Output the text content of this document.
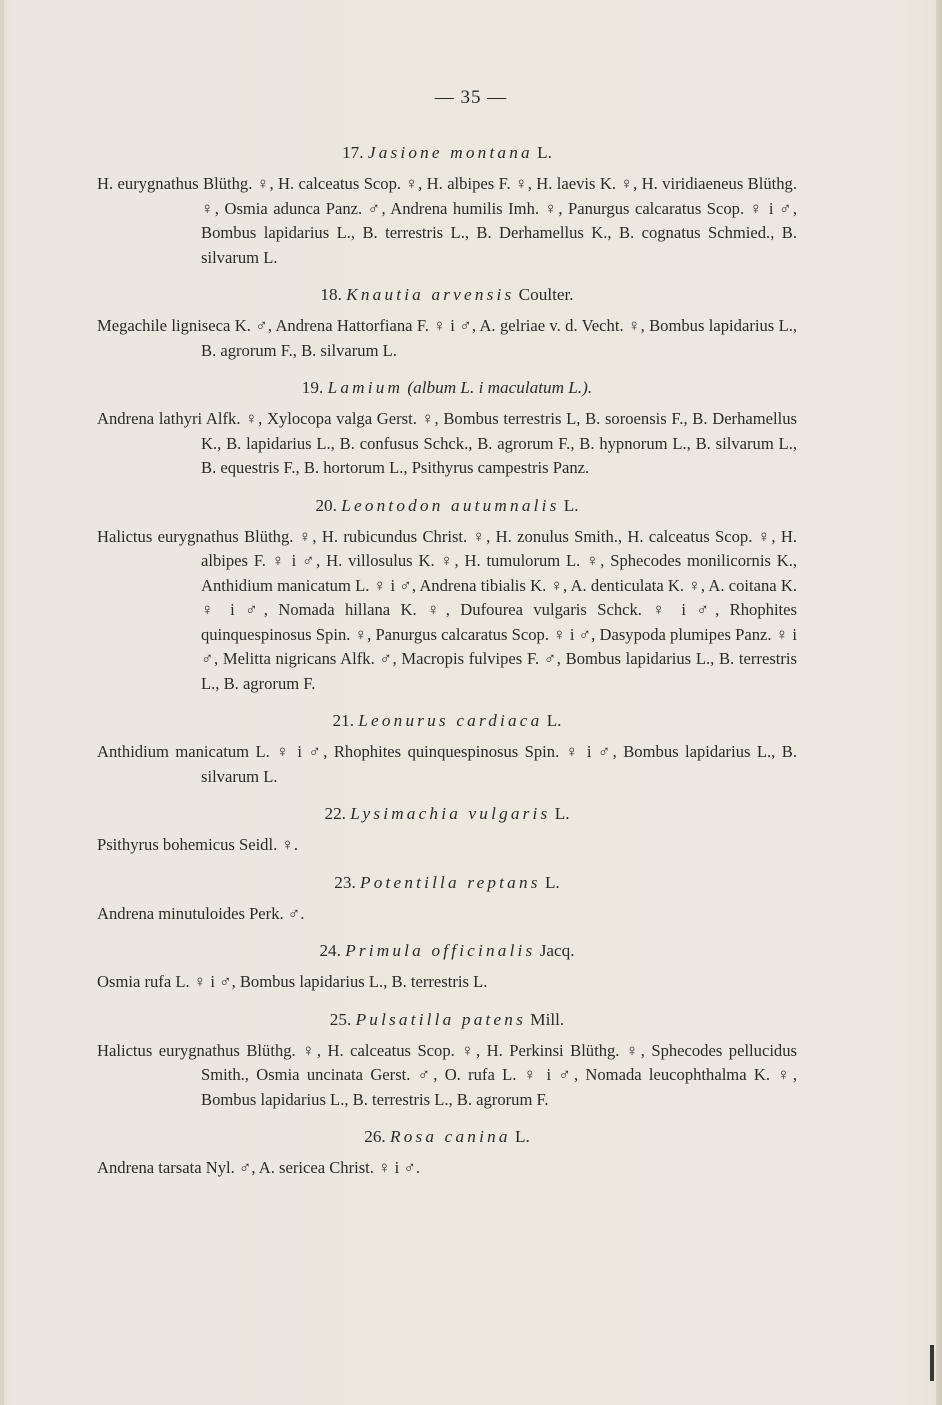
— 35 —
17. Jasione montana L.

H. eurygnathus Blüthg. ♀, H. calceatus Scop. ♀, H. albipes F. ♀, H. laevis K. ♀, H. viridiaeneus Blüthg. ♀, Osmia adunca Panz. ♂, Andrena humilis Imh. ♀, Panurgus calcaratus Scop. ♀ i ♂, Bombus lapidarius L., B. terrestris L., B. Derhamellus K., B. cognatus Schmied., B. silvarum L.

18. Knautia arvensis Coulter.

Megachile ligniseca K. ♂, Andrena Hattorfiana F. ♀ i ♂, A. gelriae v. d. Vecht. ♀, Bombus lapidarius L., B. agrorum F., B. silvarum L.

19. Lamium (album L. i maculatum L.).

Andrena lathyri Alfk. ♀, Xylocopa valga Gerst. ♀, Bombus terrestris L, B. soroensis F., B. Derhamellus K., B. lapidarius L., B. confusus Schck., B. agrorum F., B. hypnorum L., B. silvarum L., B. equestris F., B. hortorum L., Psithyrus campestris Panz.

20. Leontodon autumnalis L.

Halictus eurygnathus Blüthg. ♀, H. rubicundus Christ. ♀, H. zonulus Smith., H. calceatus Scop. ♀, H. albipes F. ♀ i ♂, H. villosulus K. ♀, H. tumulorum L. ♀, Sphecodes monilicornis K., Anthidium manicatum L. ♀ i ♂, Andrena tibialis K. ♀, A. denticulata K. ♀, A. coitana K. ♀ i ♂, Nomada hillana K. ♀, Dufourea vulgaris Schck. ♀ i ♂, Rhophites quinquespinosus Spin. ♀, Panurgus calcaratus Scop. ♀ i ♂, Dasypoda plumipes Panz. ♀ i ♂, Melitta nigricans Alfk. ♂, Macropis fulvipes F. ♂, Bombus lapidarius L., B. terrestris L., B. agrorum F.

21. Leonurus cardiaca L.

Anthidium manicatum L. ♀ i ♂, Rhophites quinquespinosus Spin. ♀ i ♂, Bombus lapidarius L., B. silvarum L.

22. Lysimachia vulgaris L.

Psithyrus bohemicus Seidl. ♀.

23. Potentilla reptans L.

Andrena minutuloides Perk. ♂.

24. Primula officinalis Jacq.

Osmia rufa L. ♀ i ♂, Bombus lapidarius L., B. terrestris L.

25. Pulsatilla patens Mill.

Halictus eurygnathus Blüthg. ♀, H. calceatus Scop. ♀, H. Perkinsi Blüthg. ♀, Sphecodes pellucidus Smith., Osmia uncinata Gerst. ♂, O. rufa L. ♀ i ♂, Nomada leucophthalma K. ♀, Bombus lapidarius L., B. terrestris L., B. agrorum F.

26. Rosa canina L.

Andrena tarsata Nyl. ♂, A. sericea Christ. ♀ i ♂.
